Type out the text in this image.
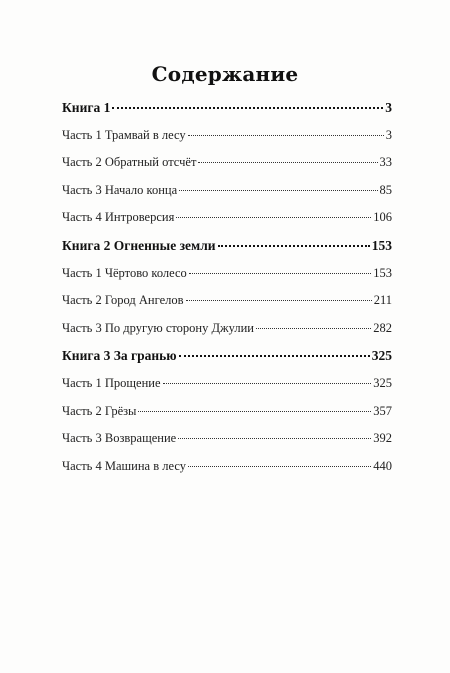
Содержание
Книга 1	3
Часть 1 Трамвай в лесу	3
Часть 2 Обратный отсчёт	33
Часть 3 Начало конца	85
Часть 4 Интроверсия	106
Книга 2 Огненные земли	153
Часть 1 Чёртово колесо	153
Часть 2 Город Ангелов	211
Часть 3 По другую сторону Джулии	282
Книга 3 За гранью	325
Часть 1 Прощение	325
Часть 2 Грёзы	357
Часть 3 Возвращение	392
Часть 4 Машина в лесу	440
